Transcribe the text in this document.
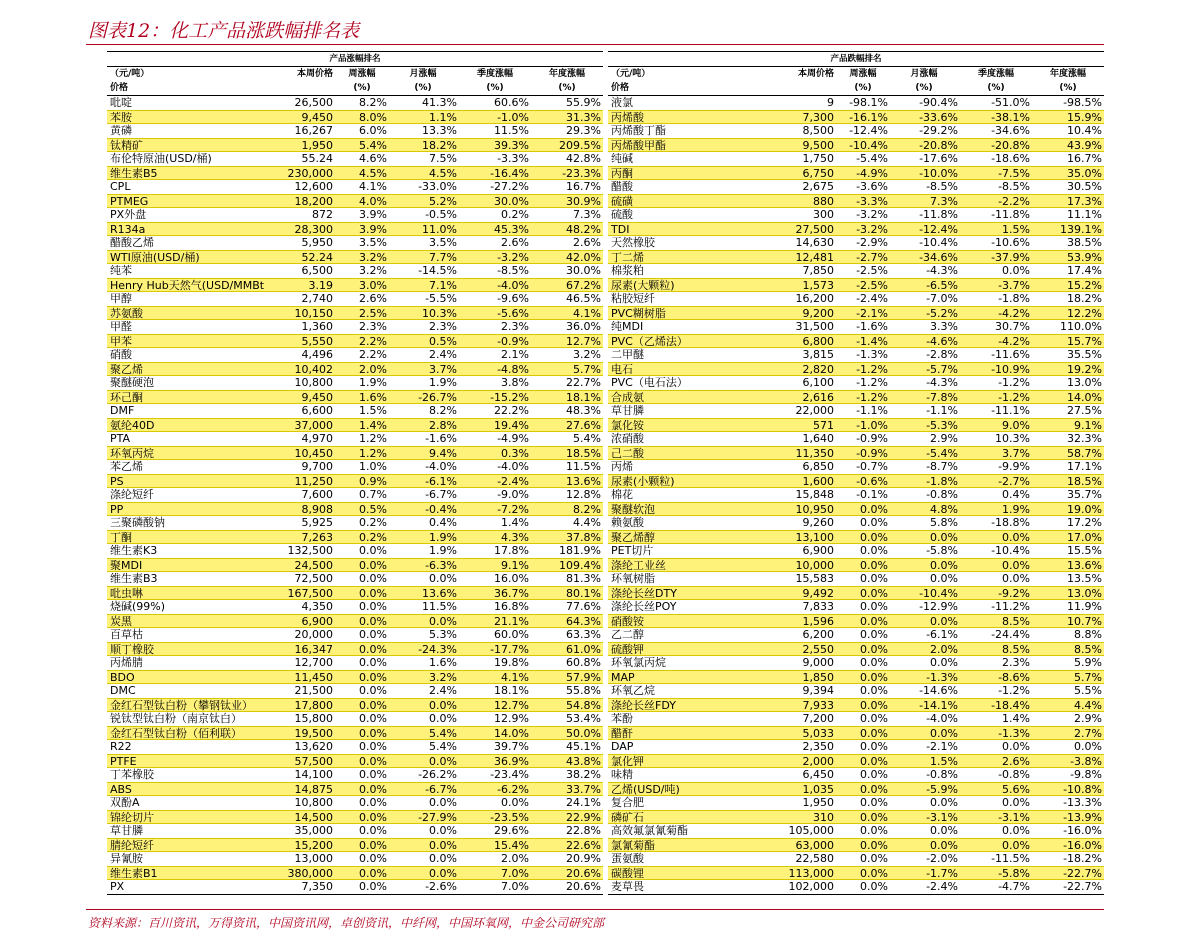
图表12：化工产品涨跌幅排名表
产品涨幅排名
（元/吨）	本周价格	周涨幅	月涨幅	季度涨幅	年度涨幅
价格	(%)	(%)	(%)	(%)
吡啶	26,500	8.2%	41.3%	60.6%	55.9%
苯胺	9,450	8.0%	1.1%	-1.0%	31.3%
黄磷	16,267	6.0%	13.3%	11.5%	29.3%
钛精矿	1,950	5.4%	18.2%	39.3%	209.5%
布伦特原油(USD/桶)	55.24	4.6%	7.5%	-3.3%	42.8%
维生素B5	230,000	4.5%	4.5%	-16.4%	-23.3%
CPL	12,600	4.1%	-33.0%	-27.2%	16.7%
PTMEG	18,200	4.0%	5.2%	30.0%	30.9%
PX外盘	872	3.9%	-0.5%	0.2%	7.3%
R134a	28,300	3.9%	11.0%	45.3%	48.2%
醋酸乙烯	5,950	3.5%	3.5%	2.6%	2.6%
WTI原油(USD/桶)	52.24	3.2%	7.7%	-3.2%	42.0%
纯苯	6,500	3.2%	-14.5%	-8.5%	30.0%
Henry Hub天然气(USD/MMBt	3.19	3.0%	7.1%	-4.0%	67.2%
甲醇	2,740	2.6%	-5.5%	-9.6%	46.5%
苏氨酸	10,150	2.5%	10.3%	-5.6%	4.1%
甲醛	1,360	2.3%	2.3%	2.3%	36.0%
甲苯	5,550	2.2%	0.5%	-0.9%	12.7%
硝酸	4,496	2.2%	2.4%	2.1%	3.2%
聚乙烯	10,402	2.0%	3.7%	-4.8%	5.7%
聚醚硬泡	10,800	1.9%	1.9%	3.8%	22.7%
环己酮	9,450	1.6%	-26.7%	-15.2%	18.1%
DMF	6,600	1.5%	8.2%	22.2%	48.3%
氨纶40D	37,000	1.4%	2.8%	19.4%	27.6%
PTA	4,970	1.2%	-1.6%	-4.9%	5.4%
环氧丙烷	10,450	1.2%	9.4%	0.3%	18.5%
苯乙烯	9,700	1.0%	-4.0%	-4.0%	11.5%
PS	11,250	0.9%	-6.1%	-2.4%	13.6%
涤纶短纤	7,600	0.7%	-6.7%	-9.0%	12.8%
PP	8,908	0.5%	-0.4%	-7.2%	8.2%
三聚磷酸钠	5,925	0.2%	0.4%	1.4%	4.4%
丁酮	7,263	0.2%	1.9%	4.3%	37.8%
维生素K3	132,500	0.0%	1.9%	17.8%	181.9%
聚MDI	24,500	0.0%	-6.3%	9.1%	109.4%
维生素B3	72,500	0.0%	0.0%	16.0%	81.3%
吡虫啉	167,500	0.0%	13.6%	36.7%	80.1%
烧碱(99%)	4,350	0.0%	11.5%	16.8%	77.6%
炭黑	6,900	0.0%	0.0%	21.1%	64.3%
百草枯	20,000	0.0%	5.3%	60.0%	63.3%
顺丁橡胶	16,347	0.0%	-24.3%	-17.7%	61.0%
丙烯腈	12,700	0.0%	1.6%	19.8%	60.8%
BDO	11,450	0.0%	3.2%	4.1%	57.9%
DMC	21,500	0.0%	2.4%	18.1%	55.8%
金红石型钛白粉（攀钢钛业）	17,800	0.0%	0.0%	12.7%	54.8%
锐钛型钛白粉（南京钛白）	15,800	0.0%	0.0%	12.9%	53.4%
金红石型钛白粉（佰利联）	19,500	0.0%	5.4%	14.0%	50.0%
R22	13,620	0.0%	5.4%	39.7%	45.1%
PTFE	57,500	0.0%	0.0%	36.9%	43.8%
丁苯橡胶	14,100	0.0%	-26.2%	-23.4%	38.2%
ABS	14,875	0.0%	-6.7%	-6.2%	33.7%
双酚A	10,800	0.0%	0.0%	0.0%	24.1%
锦纶切片	14,500	0.0%	-27.9%	-23.5%	22.9%
草甘膦	35,000	0.0%	0.0%	29.6%	22.8%
腈纶短纤	15,200	0.0%	0.0%	15.4%	22.6%
异氰胺	13,000	0.0%	0.0%	2.0%	20.9%
维生素B1	380,000	0.0%	0.0%	7.0%	20.6%
PX	7,350	0.0%	-2.6%	7.0%	20.6%
产品跌幅排名
（元/吨）	本周价格	周涨幅	月涨幅	季度涨幅	年度涨幅
价格	(%)	(%)	(%)	(%)
液氯	9	-98.1%	-90.4%	-51.0%	-98.5%
丙烯酸	7,300	-16.1%	-33.6%	-38.1%	15.9%
丙烯酸丁酯	8,500	-12.4%	-29.2%	-34.6%	10.4%
丙烯酸甲酯	9,500	-10.4%	-20.8%	-20.8%	43.9%
纯碱	1,750	-5.4%	-17.6%	-18.6%	16.7%
丙酮	6,750	-4.9%	-10.0%	-7.5%	35.0%
醋酸	2,675	-3.6%	-8.5%	-8.5%	30.5%
硫磺	880	-3.3%	7.3%	-2.2%	17.3%
硫酸	300	-3.2%	-11.8%	-11.8%	11.1%
TDI	27,500	-3.2%	-12.4%	1.5%	139.1%
天然橡胶	14,630	-2.9%	-10.4%	-10.6%	38.5%
丁二烯	12,481	-2.7%	-34.6%	-37.9%	53.9%
棉浆粕	7,850	-2.5%	-4.3%	0.0%	17.4%
尿素(大颗粒)	1,573	-2.5%	-6.5%	-3.7%	15.2%
粘胶短纤	16,200	-2.4%	-7.0%	-1.8%	18.2%
PVC糊树脂	9,200	-2.1%	-5.2%	-4.2%	12.2%
纯MDI	31,500	-1.6%	3.3%	30.7%	110.0%
PVC（乙烯法）	6,800	-1.4%	-4.6%	-4.2%	15.7%
二甲醚	3,815	-1.3%	-2.8%	-11.6%	35.5%
电石	2,820	-1.2%	-5.7%	-10.9%	19.2%
PVC（电石法）	6,100	-1.2%	-4.3%	-1.2%	13.0%
合成氨	2,616	-1.2%	-7.8%	-1.2%	14.0%
草甘膦	22,000	-1.1%	-1.1%	-11.1%	27.5%
氯化铵	571	-1.0%	-5.3%	9.0%	9.1%
浓硝酸	1,640	-0.9%	2.9%	10.3%	32.3%
己二酸	11,350	-0.9%	-5.4%	3.7%	58.7%
丙烯	6,850	-0.7%	-8.7%	-9.9%	17.1%
尿素(小颗粒)	1,600	-0.6%	-1.8%	-2.7%	18.5%
棉花	15,848	-0.1%	-0.8%	0.4%	35.7%
聚醚软泡	10,950	0.0%	4.8%	1.9%	19.0%
赖氨酸	9,260	0.0%	5.8%	-18.8%	17.2%
聚乙烯醇	13,100	0.0%	0.0%	0.0%	17.0%
PET切片	6,900	0.0%	-5.8%	-10.4%	15.5%
涤纶工业丝	10,000	0.0%	0.0%	0.0%	13.6%
环氧树脂	15,583	0.0%	0.0%	0.0%	13.5%
涤纶长丝DTY	9,492	0.0%	-10.4%	-9.2%	13.0%
涤纶长丝POY	7,833	0.0%	-12.9%	-11.2%	11.9%
硝酸铵	1,596	0.0%	0.0%	8.5%	10.7%
乙二醇	6,200	0.0%	-6.1%	-24.4%	8.8%
硫酸钾	2,550	0.0%	2.0%	8.5%	8.5%
环氧氯丙烷	9,000	0.0%	0.0%	2.3%	5.9%
MAP	1,850	0.0%	-1.3%	-8.6%	5.7%
环氧乙烷	9,394	0.0%	-14.6%	-1.2%	5.5%
涤纶长丝FDY	7,933	0.0%	-14.1%	-18.4%	4.4%
苯酚	7,200	0.0%	-4.0%	1.4%	2.9%
醋酐	5,033	0.0%	0.0%	-1.3%	2.7%
DAP	2,350	0.0%	-2.1%	0.0%	0.0%
氯化钾	2,000	0.0%	1.5%	2.6%	-3.8%
味精	6,450	0.0%	-0.8%	-0.8%	-9.8%
乙烯(USD/吨)	1,035	0.0%	-5.9%	5.6%	-10.8%
复合肥	1,950	0.0%	0.0%	0.0%	-13.3%
磷矿石	310	0.0%	-3.1%	-3.1%	-13.9%
高效氟氯氰菊酯	105,000	0.0%	0.0%	0.0%	-16.0%
氯氰菊酯	63,000	0.0%	0.0%	0.0%	-16.0%
蛋氨酸	22,580	0.0%	-2.0%	-11.5%	-18.2%
碳酸锂	113,000	0.0%	-1.7%	-5.8%	-22.7%
麦草畏	102,000	0.0%	-2.4%	-4.7%	-22.7%
资料来源：百川资讯，万得资讯，中国资讯网，卓创资讯，中纤网，中国环氧网，中金公司研究部
